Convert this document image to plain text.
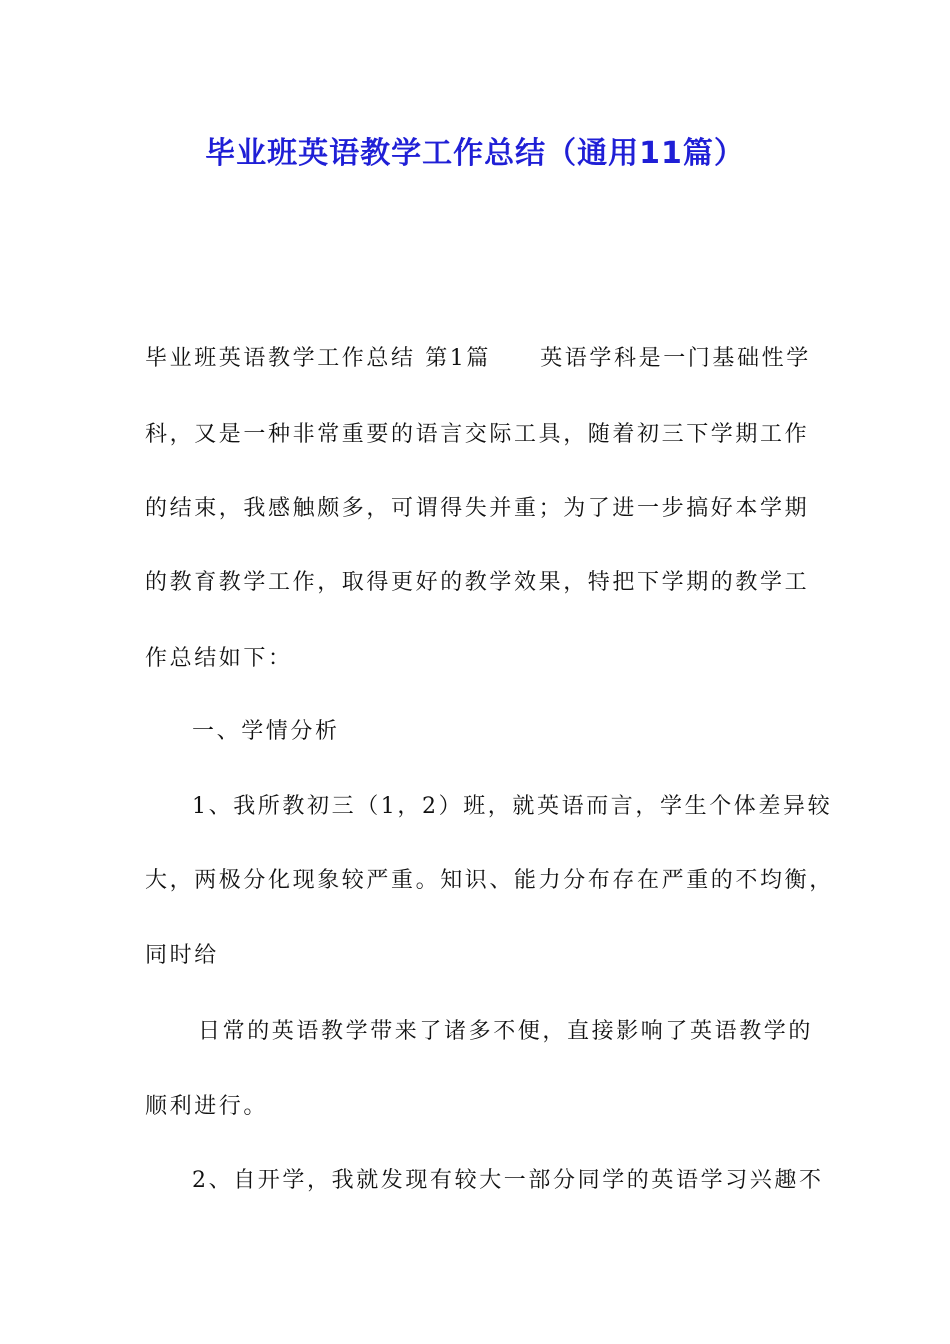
毕业班英语教学工作总结（通用11篇）
毕业班英语教学工作总结 第1篇　　英语学科是一门基础性学
科，又是一种非常重要的语言交际工具，随着初三下学期工作
的结束，我感触颇多，可谓得失并重；为了进一步搞好本学期
的教育教学工作，取得更好的教学效果，特把下学期的教学工
作总结如下：
一、学情分析
1、我所教初三（1，2）班，就英语而言，学生个体差异较
大，两极分化现象较严重。知识、能力分布存在严重的不均衡，
同时给
日常的英语教学带来了诸多不便，直接影响了英语教学的
顺利进行。
2、自开学，我就发现有较大一部分同学的英语学习兴趣不
